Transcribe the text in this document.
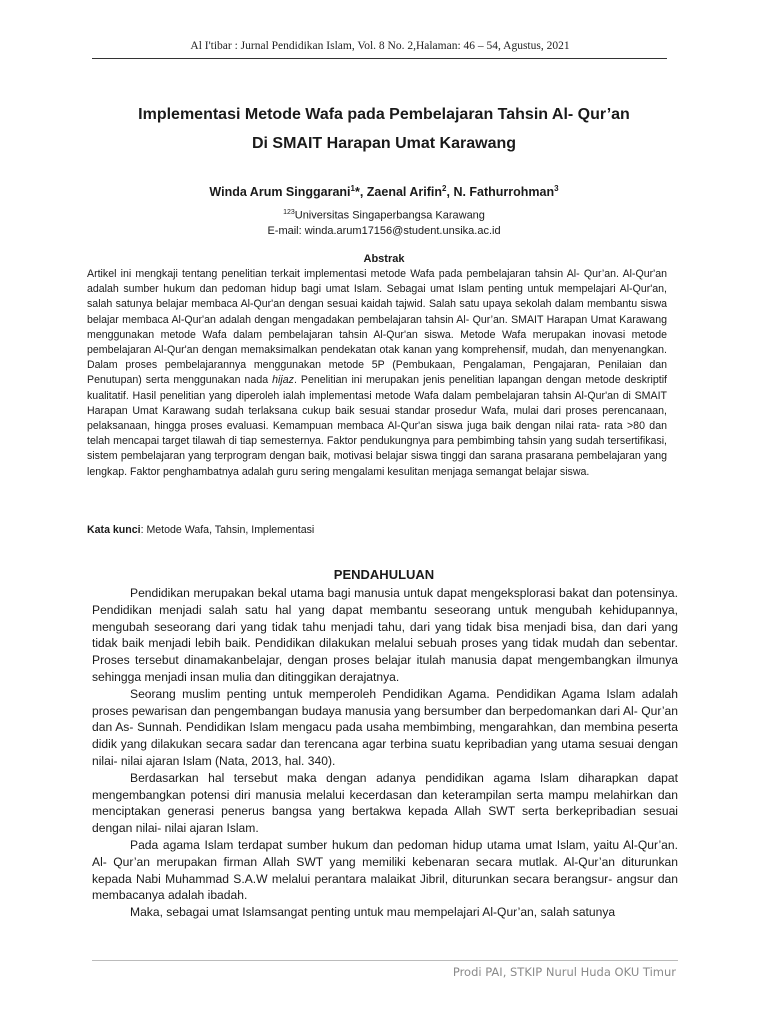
Al I'tibar : Jurnal Pendidikan Islam, Vol. 8 No. 2,Halaman: 46 – 54, Agustus, 2021
Implementasi Metode Wafa pada Pembelajaran Tahsin Al- Qur’an
Di SMAIT Harapan Umat Karawang
Winda Arum Singgarani$^1$*, Zaenal Arifin$^2$, N. Fathurrohman$^3$
$^{123}$Universitas Singaperbangsa Karawang
E-mail: winda.arum17156@student.unsika.ac.id
Abstrak

Artikel ini mengkaji tentang penelitian terkait implementasi metode Wafa pada pembelajaran tahsin Al- Qur’an. Al-Qur'an adalah sumber hukum dan pedoman hidup bagi umat Islam. Sebagai umat Islam penting untuk mempelajari Al-Qur'an, salah satunya belajar membaca Al-Qur'an dengan sesuai kaidah tajwid. Salah satu upaya sekolah dalam membantu siswa belajar membaca Al-Qur'an adalah dengan mengadakan pembelajaran tahsin Al- Qur’an. SMAIT Harapan Umat Karawang menggunakan metode Wafa dalam pembelajaran tahsin Al-Qur'an siswa. Metode Wafa merupakan inovasi metode pembelajaran Al-Qur'an dengan memaksimalkan pendekatan otak kanan yang komprehensif, mudah, dan menyenangkan. Dalam proses pembelajarannya menggunakan metode 5P (Pembukaan, Pengalaman, Pengajaran, Penilaian dan Penutupan) serta menggunakan nada hijaz. Penelitian ini merupakan jenis penelitian lapangan dengan metode deskriptif kualitatif. Hasil penelitian yang diperoleh ialah implementasi metode Wafa dalam pembelajaran tahsin Al-Qur'an di SMAIT Harapan Umat Karawang sudah terlaksana cukup baik sesuai standar prosedur Wafa, mulai dari proses perencanaan, pelaksanaan, hingga proses evaluasi. Kemampuan membaca Al-Qur'an siswa juga baik dengan nilai rata- rata >80 dan telah mencapai target tilawah di tiap semesternya. Faktor pendukungnya para pembimbing tahsin yang sudah tersertifikasi, sistem pembelajaran yang terprogram dengan baik, motivasi belajar siswa tinggi dan sarana prasarana pembelajaran yang lengkap. Faktor penghambatnya adalah guru sering mengalami kesulitan menjaga semangat belajar siswa.

Kata kunci: Metode Wafa, Tahsin, Implementasi
PENDAHULUAN

Pendidikan merupakan bekal utama bagi manusia untuk dapat mengeksplorasi bakat dan potensinya. Pendidikan menjadi salah satu hal yang dapat membantu seseorang untuk mengubah kehidupannya, mengubah seseorang dari yang tidak tahu menjadi tahu, dari yang tidak bisa menjadi bisa, dan dari yang tidak baik menjadi lebih baik. Pendidikan dilakukan melalui sebuah proses yang tidak mudah dan sebentar. Proses tersebut dinamakanbelajar, dengan proses belajar itulah manusia dapat mengembangkan ilmunya sehingga menjadi insan mulia dan ditinggikan derajatnya.

Seorang muslim penting untuk memperoleh Pendidikan Agama. Pendidikan Agama Islam adalah proses pewarisan dan pengembangan budaya manusia yang bersumber dan berpedomankan dari Al- Qur’an dan As- Sunnah. Pendidikan Islam mengacu pada usaha membimbing, mengarahkan, dan membina peserta didik yang dilakukan secara sadar dan terencana agar terbina suatu kepribadian yang utama sesuai dengan nilai- nilai ajaran Islam (Nata, 2013, hal. 340).

Berdasarkan hal tersebut maka dengan adanya pendidikan agama Islam diharapkan dapat mengembangkan potensi diri manusia melalui kecerdasan dan keterampilan serta mampu melahirkan dan menciptakan generasi penerus bangsa yang bertakwa kepada Allah SWT serta berkepribadian sesuai dengan nilai- nilai ajaran Islam.

Pada agama Islam terdapat sumber hukum dan pedoman hidup utama umat Islam, yaitu Al-Qur’an. Al- Qur’an merupakan firman Allah SWT yang memiliki kebenaran secara mutlak. Al-Qur’an diturunkan kepada Nabi Muhammad S.A.W melalui perantara malaikat Jibril, diturunkan secara berangsur- angsur dan membacanya adalah ibadah.

Maka, sebagai umat Islamsangat penting untuk mau mempelajari Al-Qur’an, salah satunya

Prodi PAI, STKIP Nurul Huda OKU Timur
